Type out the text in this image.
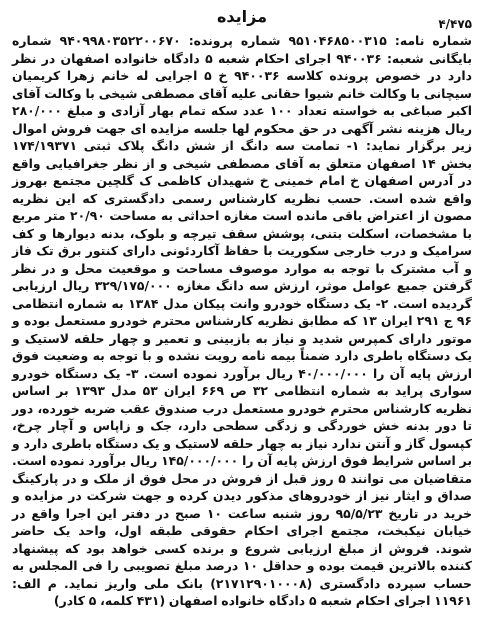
مزایده	۴/۴۷۵

شماره نامه: ۹۵۱۰۴۶۸۵۰۰۳۱۵ شماره پرونده: ۹۴۰۹۹۸۰۳۵۲۲۰۰۶۷۰ شماره بایگانی شعبه: ۹۴۰۰۳۶ اجرای احکام شعبه ۵ دادگاه خانواده اصفهان در نظر دارد در خصوص پرونده کلاسه ۹۴۰۰۳۶ خ ۵ اجرایی له خانم زهرا کریمیان سیچانی با وکالت خانم شیوا حقانی علیه آقای مصطفی شیخی با وکالت آقای اکبر صباغی به خواسته تعداد ۱۰۰ عدد سکه تمام بهار آزادی و مبلغ ۲۸۰/۰۰۰ ریال هزینه نشر آگهی در حق محکوم لها جلسه مزایده ای جهت فروش اموال زیر برگزار نماید: ۱- تمامت سه دانگ از شش دانگ پلاک ثبتی ۱۷۴/۱۹۳۷۱ بخش ۱۴ اصفهان متعلق به آقای مصطفی شیخی و از نظر جغرافیایی واقع در آدرس اصفهان خ امام خمینی خ شهیدان کاظمی ک گلچین مجتمع بهروز واقع شده است. حسب نظریه کارشناس رسمی دادگستری که این نظریه مصون از اعتراض باقی مانده است مغازه احداثی به مساحت ۲۰/۹۰ متر مربع با مشخصات، اسکلت بتنی، پوشش سقف تیرچه و بلوک، بدنه دیوارها و کف سرامیک و درب خارجی سکوریت با حفاظ آکاردئونی دارای کنتور برق تک فاز و آب مشترک با توجه به موارد موصوف مساحت و موقعیت محل و در نظر گرفتن جمیع عوامل موثر، ارزش سه دانگ مغازه ۳۲۹/۱۷۵/۰۰۰ ریال ارزیابی گردیده است. ۲- یک دستگاه خودرو وانت پیکان مدل ۱۳۸۴ به شماره انتظامی ۹۶ ج ۲۹۱ ایران ۱۳ که مطابق نظریه کارشناس محترم خودرو مستعمل بوده و موتور دارای کمپرس شدید و نیاز به بازبینی و تعمیر و چهار حلقه لاستیک و یک دستگاه باطری دارد ضمناً بیمه نامه رویت نشده و با توجه به وضعیت فوق ارزش پایه آن را ۴۰/۰۰۰/۰۰۰ ریال برآورد نموده است. ۳- یک دستگاه خودرو سواری پراید به شماره انتظامی ۳۲ ص ۶۶۹ ایران ۵۳ مدل ۱۳۹۳ بر اساس نظریه کارشناس محترم خودرو مستعمل درب صندوق عقب ضربه خورده، دور تا دور بدنه خش خوردگی و زدگی سطحی دارد، جک و زاپاس و آچار چرخ، کپسول گاز و آنتن ندارد نیاز به چهار حلقه لاستیک و یک دستگاه باطری دارد و بر اساس شرایط فوق ارزش پایه آن را ۱۴۵/۰۰۰/۰۰۰ ریال برآورد نموده است. متقاضیان می توانند ۵ روز قبل از فروش در محل فوق از ملک و در پارکینگ صداق و ایثار نیز از خودروهای مذکور دیدن کرده و جهت شرکت در مزایده و خرید در تاریخ ۹۵/۵/۲۳ روز شنبه ساعت ۱۰ صبح در دفتر این اجرا واقع در خیابان نیکبخت، مجتمع اجرای احکام حقوقی طبقه اول، واحد یک حاضر شوند. فروش از مبلغ ارزیابی شروع و برنده کسی خواهد بود که پیشنهاد کننده بالاترین قیمت بوده و حداقل ۱۰ درصد مبلغ تصویبی را فی المجلس به حساب سپرده دادگستری (۲۱۷۱۲۹۰۱۰۰۰۸) بانک ملی واریز نماید. م الف: ۱۱۹۶۱ اجرای احکام شعبه ۵ دادگاه خانواده اصفهان (۴۳۱ کلمه، ۵ کادر)
